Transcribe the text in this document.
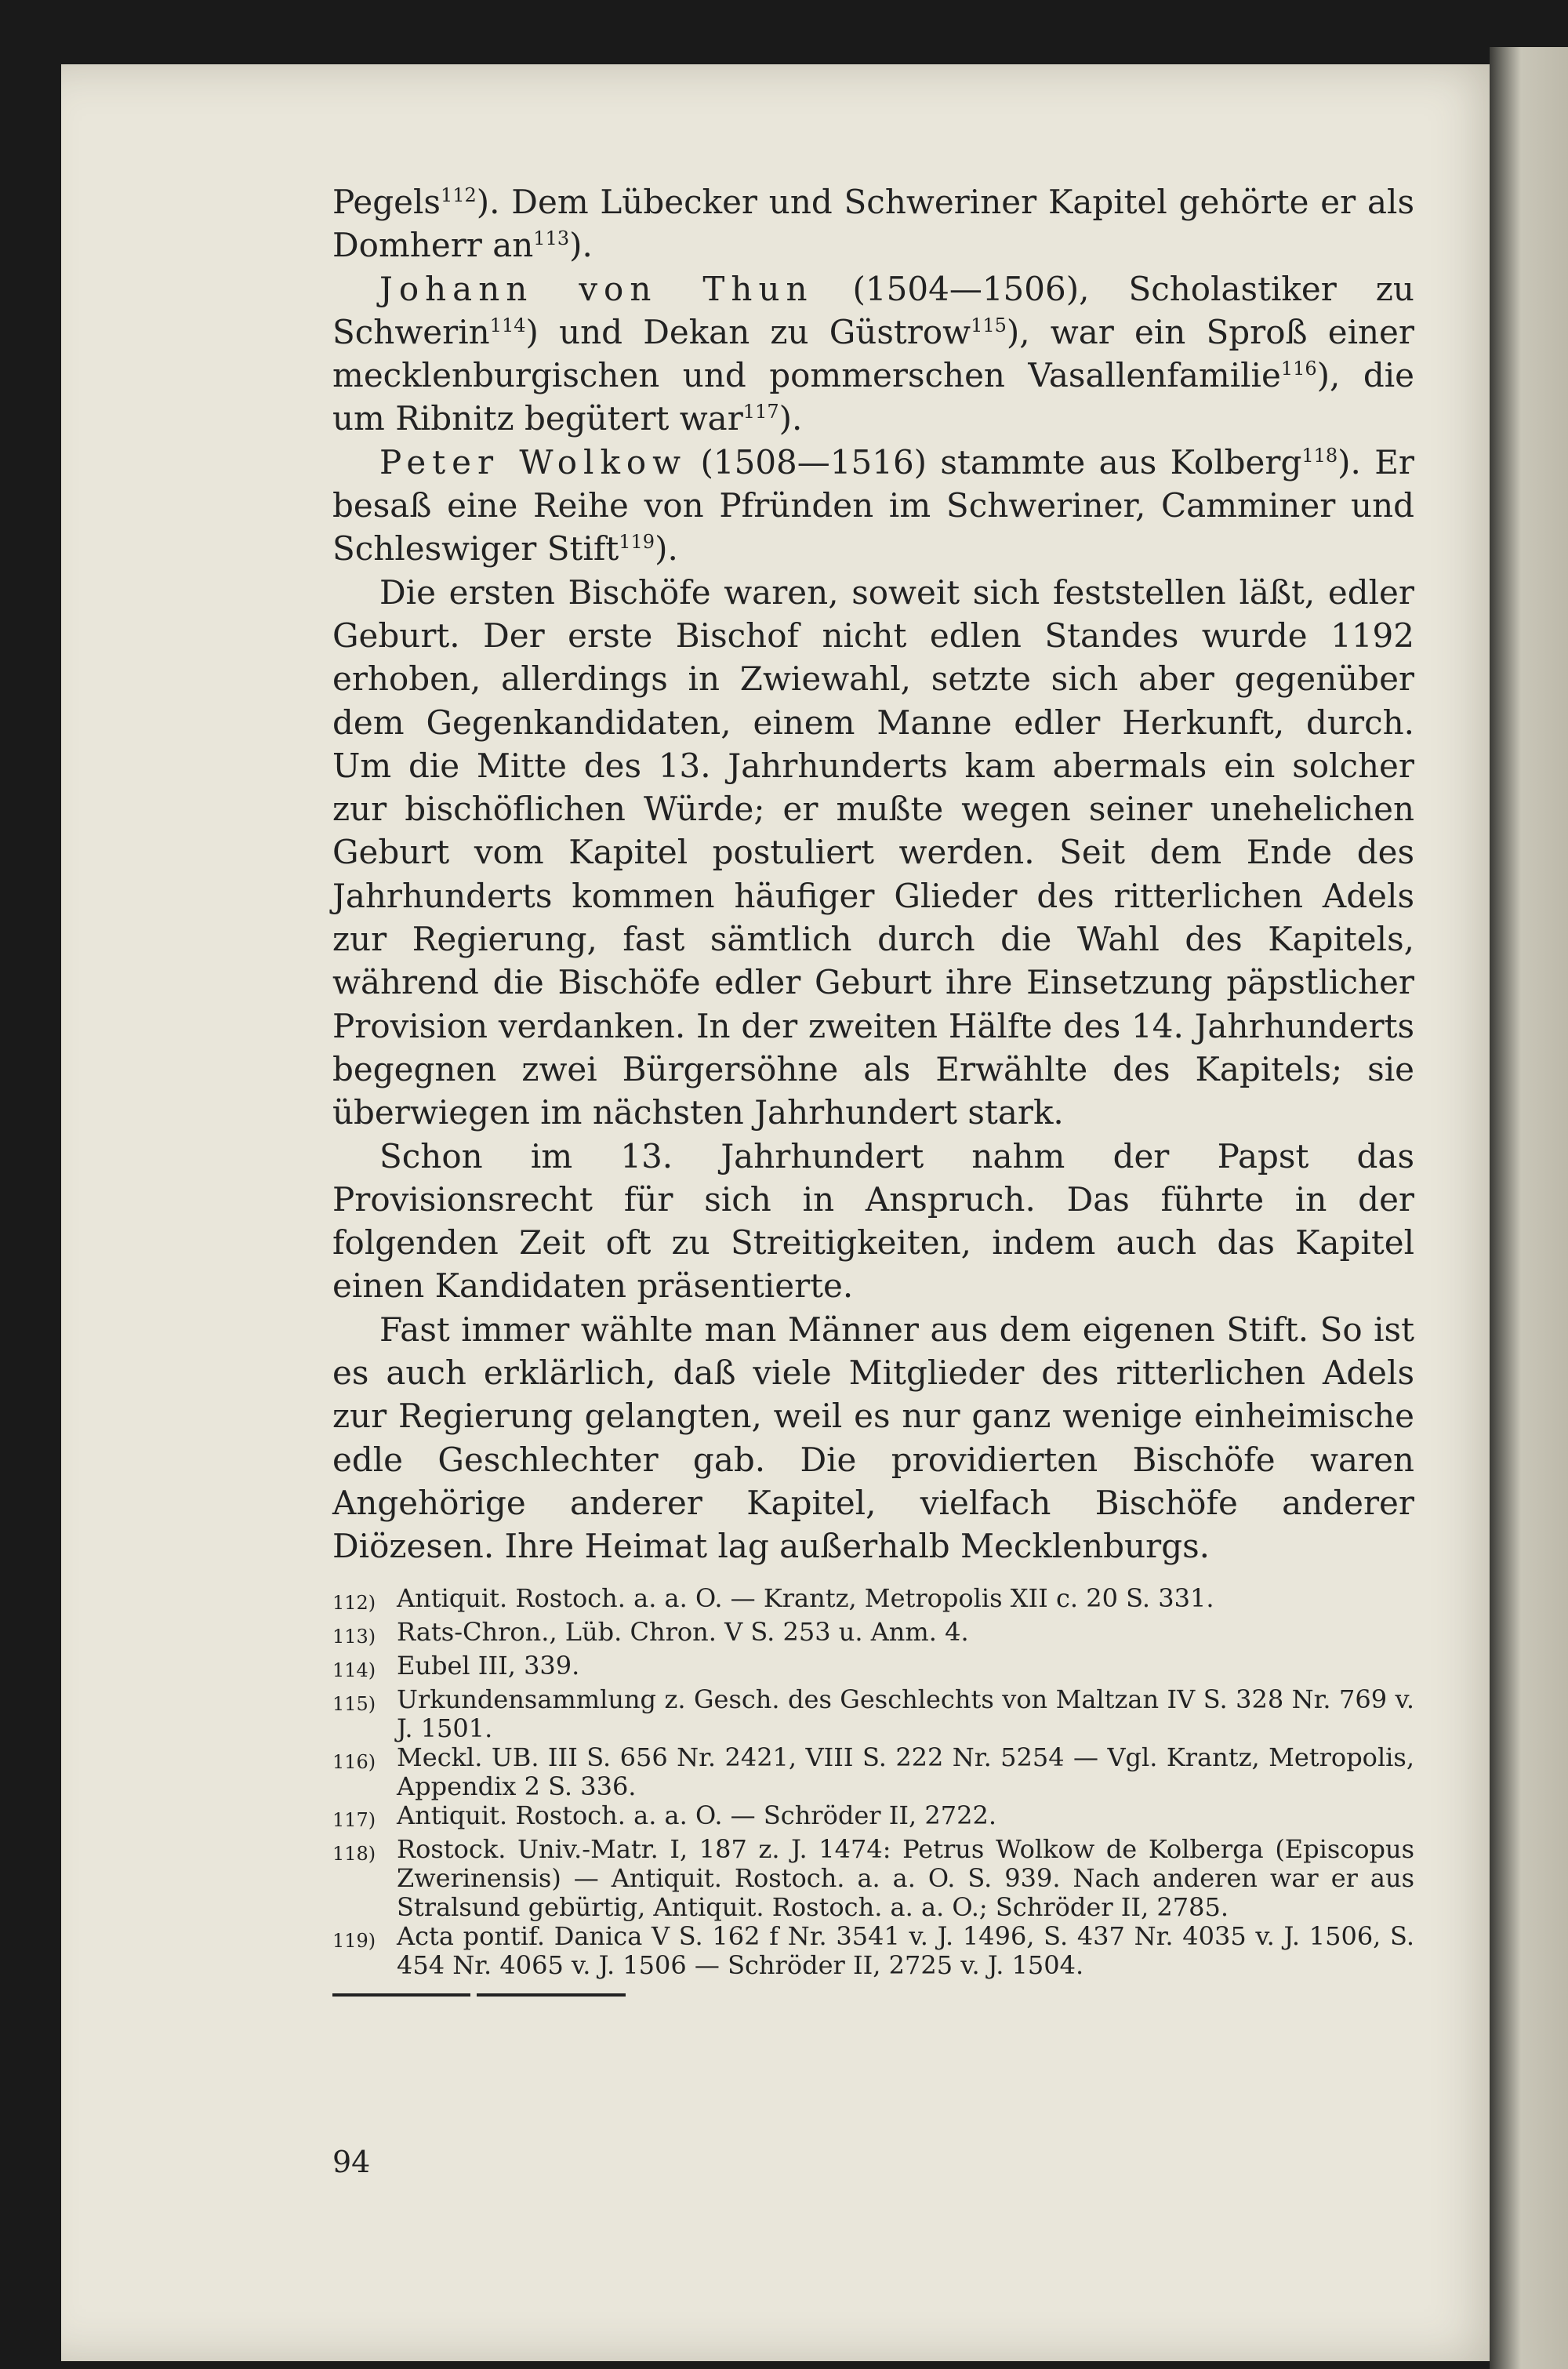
Pegels$^{112}$). Dem Lübecker und Schweriner Kapitel gehörte er als Domherr $an^{113}$).

Johann von Thun (1504—1506), Scholastiker zu Schwerin$^{114}$) und Dekan zu Güstrow$^{115}$), war ein Sproß einer mecklenburgischen und pommerschen Vasallenfamilie$^{116}$), die um Ribnitz begütert war$^{117}$).

Peter Wolkow (1508—1516) stammte aus Kolberg$^{118}$). Er besaß eine Reihe von Pfründen im Schweriner, Camminer und Schleswiger Stift$^{119}$).

Die ersten Bischöfe waren, soweit sich feststellen läßt, edler Geburt. Der erste Bischof nicht edlen Standes wurde 1192 erhoben, allerdings in Zwiewahl, setzte sich aber gegenüber dem Gegenkandidaten, einem Manne edler Herkunft, durch. Um die Mitte des 13. Jahrhunderts kam abermals ein solcher zur bischöflichen Würde; er mußte wegen seiner unehelichen Geburt vom Kapitel postuliert werden. Seit dem Ende des Jahrhunderts kommen häufiger Glieder des ritterlichen Adels zur Regierung, fast sämtlich durch die Wahl des Kapitels, während die Bischöfe edler Geburt ihre Einsetzung päpstlicher Provision verdanken. In der zweiten Hälfte des 14. Jahrhunderts begegnen zwei Bürgersöhne als Erwählte des Kapitels; sie überwiegen im nächsten Jahrhundert stark.

Schon im 13. Jahrhundert nahm der Papst das Provisionsrecht für sich in Anspruch. Das führte in der folgenden Zeit oft zu Streitigkeiten, indem auch das Kapitel einen Kandidaten präsentierte.

Fast immer wählte man Männer aus dem eigenen Stift. So ist es auch erklärlich, daß viele Mitglieder des ritterlichen Adels zur Regierung gelangten, weil es nur ganz wenige einheimische edle Geschlechter gab. Die providierten Bischöfe waren Angehörige anderer Kapitel, vielfach Bischöfe anderer Diözesen. Ihre Heimat lag außerhalb Mecklenburgs.

112) Antiquit. Rostoch. a. a. O. — Krantz, Metropolis XII c. 20 S. 331.
113) Rats-Chron., Lüb. Chron. V S. 253 u. Anm. 4.
114) Eubel III, 339.
115) Urkundensammlung z. Gesch. des Geschlechts von Maltzan IV S. 328 Nr. 769 v. J. 1501.
116) Meckl. UB. III S. 656 Nr. 2421, VIII S. 222 Nr. 5254 — Vgl. Krantz, Metropolis, Appendix 2 S. 336.
117) Antiquit. Rostoch. a. a. O. — Schröder II, 2722.
118) Rostock. Univ.-Matr. I, 187 z. J. 1474: Petrus Wolkow de Kolberga (Episcopus Zwerinensis) — Antiquit. Rostoch. a. a. O. S. 939. Nach anderen war er aus Stralsund gebürtig, Antiquit. Rostoch. a. a. O.; Schröder II, 2785.
119) Acta pontif. Danica V S. 162 f Nr. 3541 v. J. 1496, S. 437 Nr. 4035 v. J. 1506, S. 454 Nr. 4065 v. J. 1506 — Schröder II, 2725 v. J. 1504.
94
